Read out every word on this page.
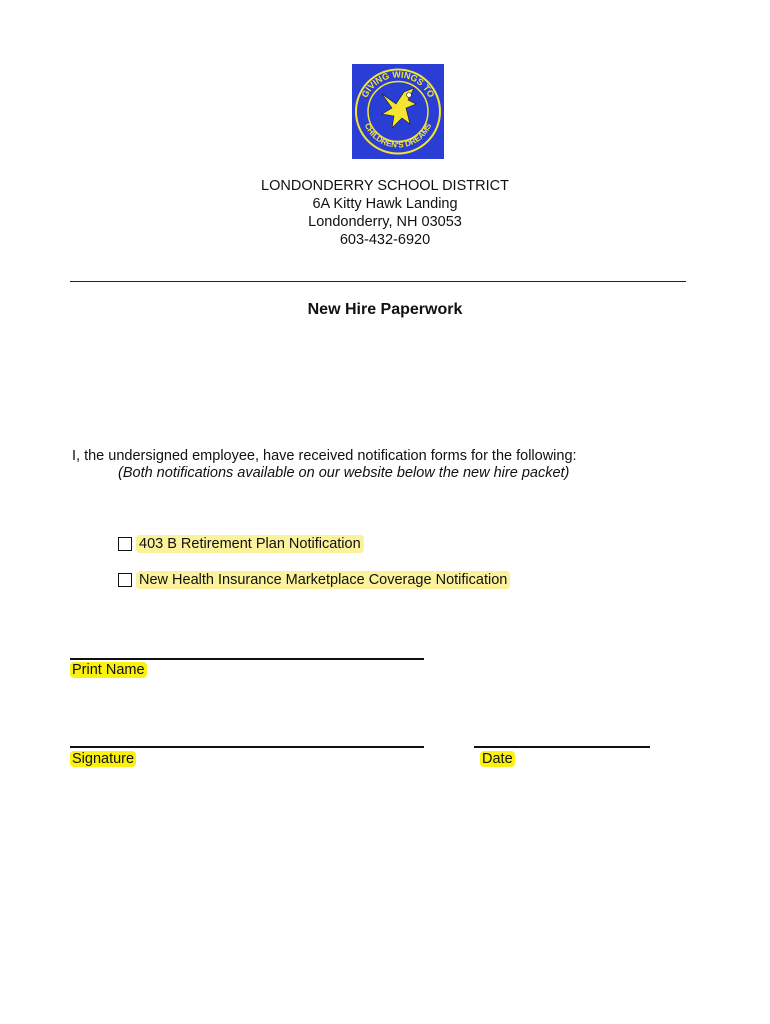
GIVING WINGS TO
CHILDREN'S DREAMS
LONDONDERRY SCHOOL DISTRICT
6A Kitty Hawk Landing
Londonderry, NH 03053
603-432-6920
New Hire Paperwork
I, the undersigned employee, have received notification forms for the following:
(Both notifications available on our website below the new hire packet)
403 B Retirement Plan Notification
New Health Insurance Marketplace Coverage Notification
Print Name
Signature	Date
